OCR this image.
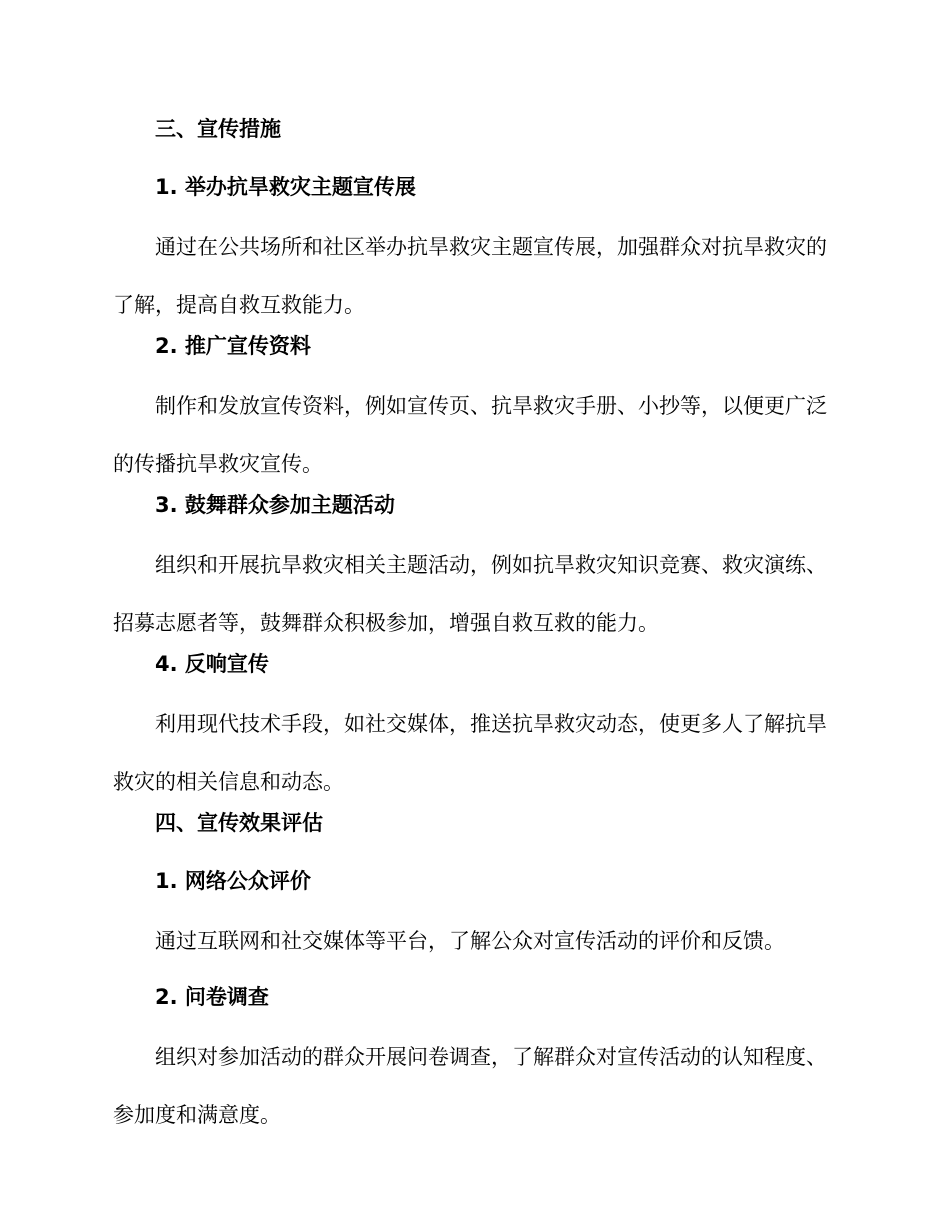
三、宣传措施
1. 举办抗旱救灾主题宣传展

通过在公共场所和社区举办抗旱救灾主题宣传展，加强群众对抗旱救灾的了解，提高自救互救能力。

2. 推广宣传资料

制作和发放宣传资料，例如宣传页、抗旱救灾手册、小抄等，以便更广泛的传播抗旱救灾宣传。

3. 鼓舞群众参加主题活动

组织和开展抗旱救灾相关主题活动，例如抗旱救灾知识竞赛、救灾演练、招募志愿者等，鼓舞群众积极参加，增强自救互救的能力。

4. 反响宣传

利用现代技术手段，如社交媒体，推送抗旱救灾动态，使更多人了解抗旱救灾的相关信息和动态。

四、宣传效果评估
1. 网络公众评价

通过互联网和社交媒体等平台，了解公众对宣传活动的评价和反馈。

2. 问卷调查

组织对参加活动的群众开展问卷调查，了解群众对宣传活动的认知程度、参加度和满意度。
